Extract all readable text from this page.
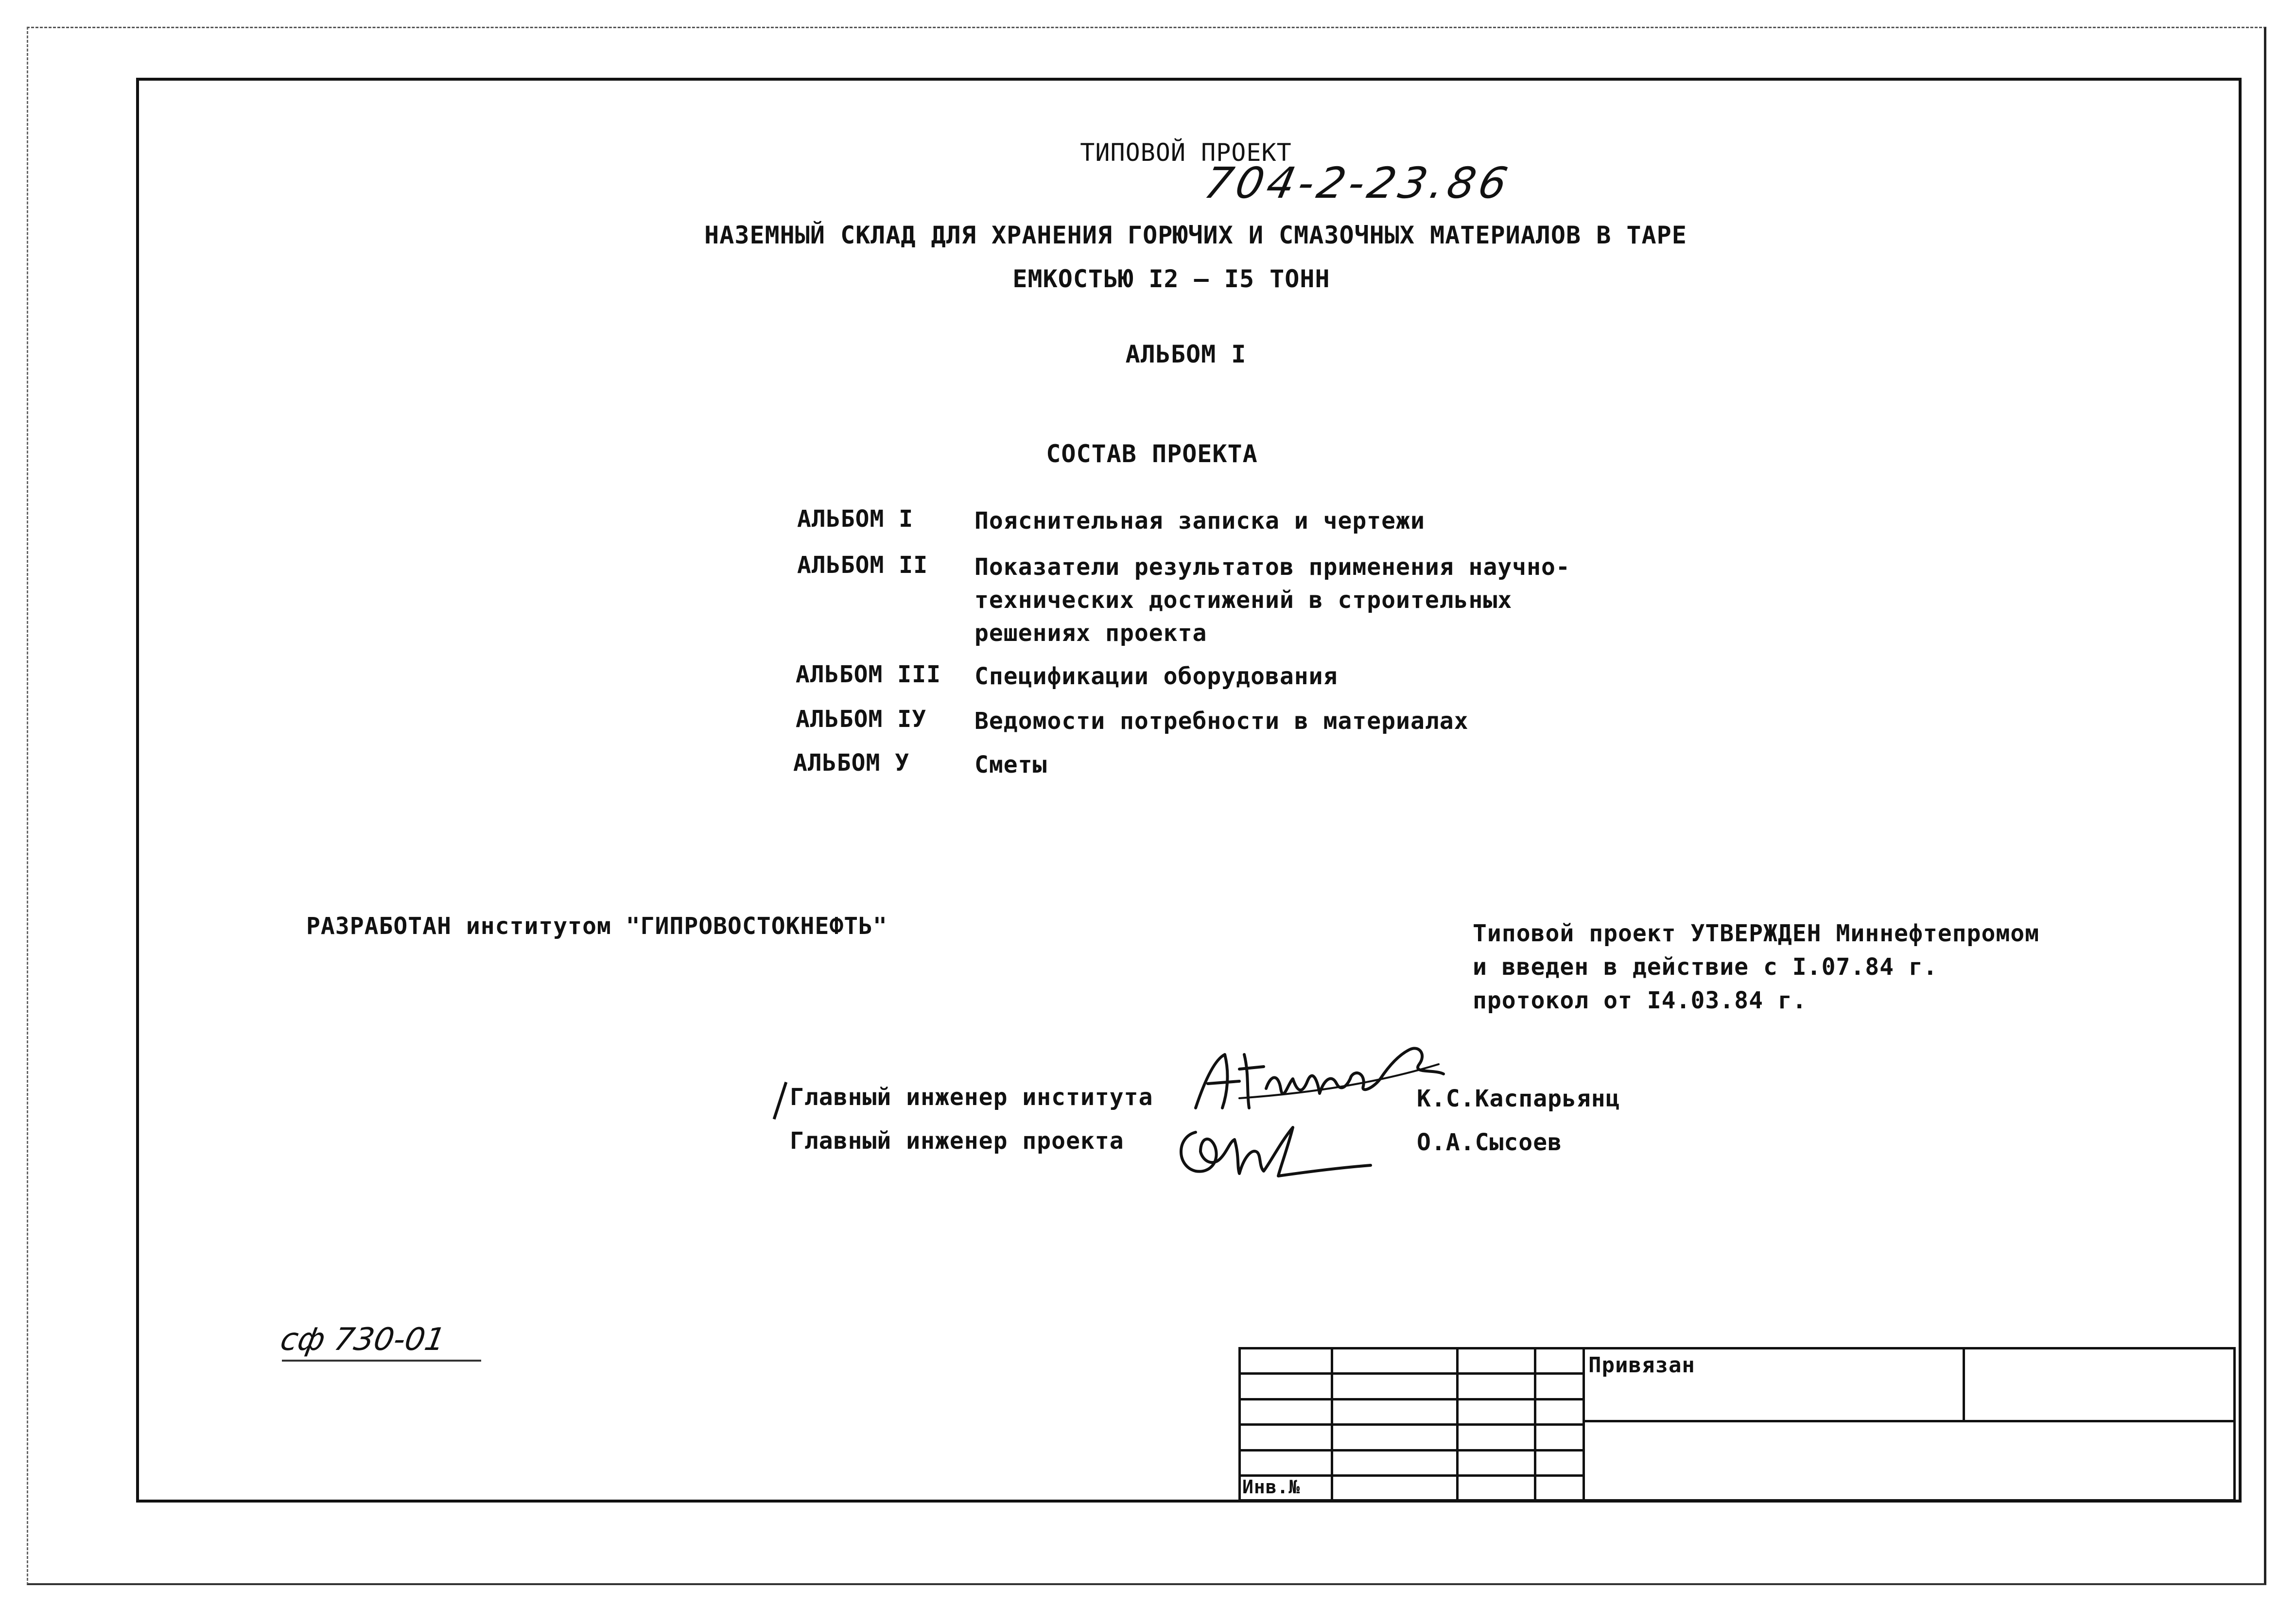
ТИПОВОЙ ПРОЕКТ
704-2-23.86
НАЗЕМНЫЙ СКЛАД ДЛЯ ХРАНЕНИЯ ГОРЮЧИХ И СМАЗОЧНЫХ МАТЕРИАЛОВ В ТАРЕ
ЕМКОСТЬЮ I2 – I5 ТОНН
АЛЬБОМ I
СОСТАВ ПРОЕКТА
АЛЬБОМ I	Пояснительная записка и чертежи
АЛЬБОМ II Показатели результатов применения научно-
технических достижений в строительных
решениях проекта
АЛЬБОМ III Спецификации оборудования
АЛЬБОМ IУ Ведомости потребности в материалах
АЛЬБОМ У	Сметы
РАЗРАБОТАН институтом "ГИПРОВОСТОКНЕФТЬ"	Типовой проект УТВЕРЖДЕН Миннефтепромом
и введен в действие с I.07.84 г.
протокол от I4.03.84 г.
Главный инженер института	К.С.Каспарьянц
Главный инженер проекта	О.А.Сысоев
сф 730-01
Привязан
Инв.№
